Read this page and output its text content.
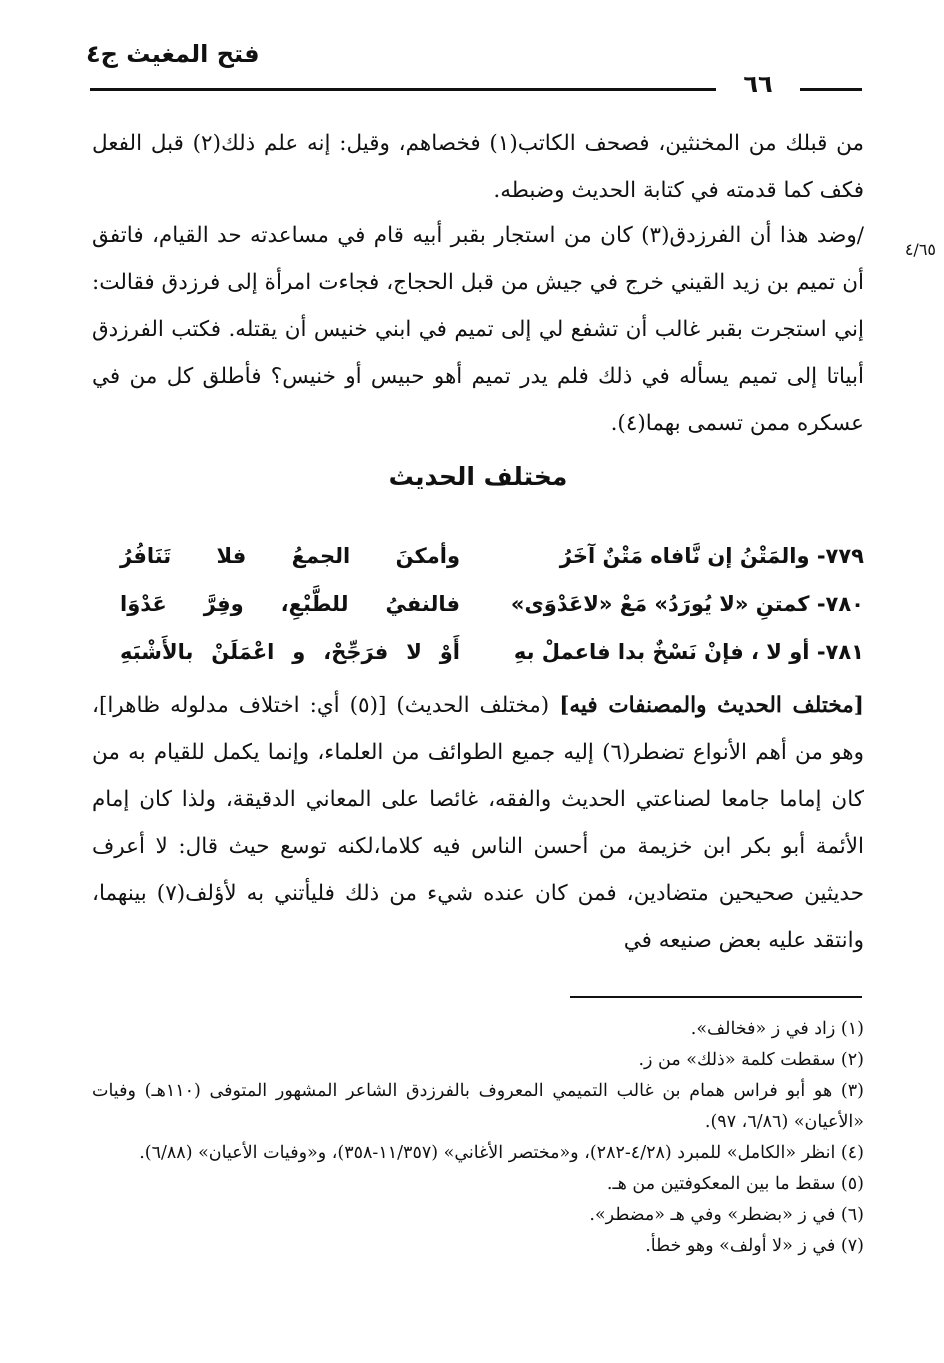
فتح المغيث ج٤
٦٦

من قبلك من المخنثين، فصحف الكاتب(١) فخصاهم، وقيل: إنه علم ذلك(٢) قبل الفعل فكف كما قدمته في كتابة الحديث وضبطه.

٤/٦٥

/وضد هذا أن الفرزدق(٣) كان من استجار بقبر أبيه قام في مساعدته حد القيام، فاتفق أن تميم بن زيد القيني خرج في جيش من قبل الحجاج، فجاءت امرأة إلى فرزدق فقالت: إني استجرت بقبر غالب أن تشفع لي إلى تميم في ابني خنيس أن يقتله. فكتب الفرزدق أبياتا إلى تميم يسأله في ذلك فلم يدر تميم أهو حبيس أو خنيس؟ فأطلق كل من في عسكره ممن تسمى بهما(٤).

مختلف الحديث
٧٧٩- والمَتْنُ إن نَّافاه مَتْنٌ آخَرُ
وأمكنَ الجمعُ فلا تَنَافُرُ
٧٨٠- كمتنِ «لا يُورَدُ» مَعْ «لاعَدْوَى»
فالنفيُ للطَّبْعِ، وفِرَّ عَدْوَا
٧٨١- أو لا ، فإنْ نَسْخٌ بدا فاعملْ بهِ
أَوْ لا فرَجِّحْ، و اعْمَلَنْ بالأَشْبَهِ

[مختلف الحديث والمصنفات فيه] (مختلف الحديث) [(٥) أي: اختلاف مدلوله ظاهرا]، وهو من أهم الأنواع تضطر(٦) إليه جميع الطوائف من العلماء، وإنما يكمل للقيام به من كان إماما جامعا لصناعتي الحديث والفقه، غائصا على المعاني الدقيقة، ولذا كان إمام الأئمة أبو بكر ابن خزيمة من أحسن الناس فيه كلاما،لكنه توسع حيث قال: لا أعرف حديثين صحيحين متضادين، فمن كان عنده شيء من ذلك فليأتني به لأؤلف(٧) بينهما، وانتقد عليه بعض صنيعه في

(١) زاد في ز «فخالف».

(٢) سقطت كلمة «ذلك» من ز.

(٣) هو أبو فراس همام بن غالب التميمي المعروف بالفرزدق الشاعر المشهور المتوفى (١١٠هـ) وفيات «الأعيان» (٦/٨٦، ٩٧).

(٤) انظر «الكامل» للمبرد (٤/٢٨-٢٨٢)، و«مختصر الأغاني» (١١/٣٥٧-٣٥٨)، و«وفيات الأعيان» (٦/٨٨).

(٥) سقط ما بين المعكوفتين من هـ.

(٦) في ز «بضطر» وفي هـ «مضطر».

(٧) في ز «لا أولف» وهو خطأ.
